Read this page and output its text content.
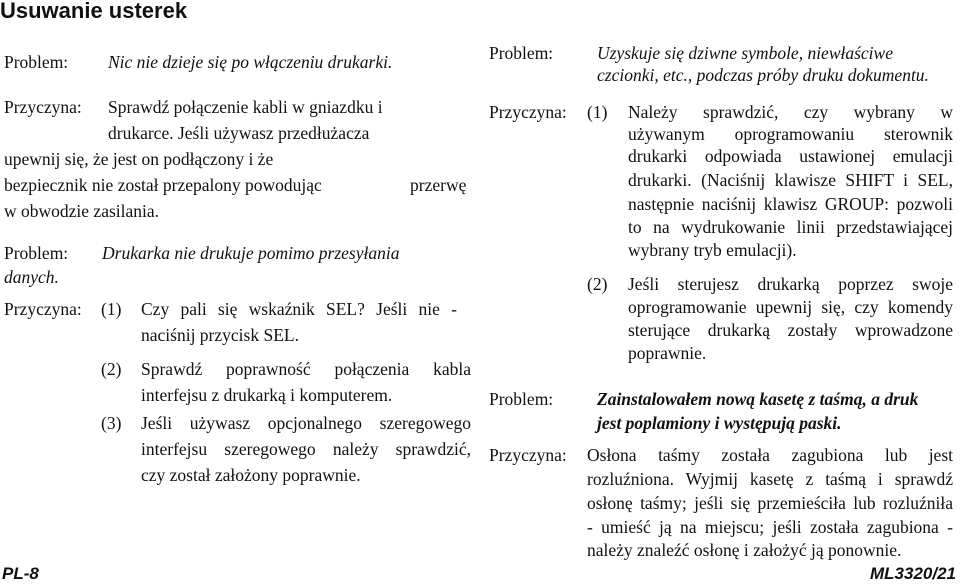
Usuwanie usterek
Problem: Nic nie dzieje się po włączeniu drukarki.
Przyczyna: Sprawdź połączenie kabli w gniazdku i
drukarce. Jeśli używasz przedłużacza
upewnij się, że jest on podłączony i że
bezpiecznik nie został przepalony powodując	przerwę
w obwodzie zasilania.
Problem: Drukarka nie drukuje pomimo przesyłania
danych.
Przyczyna: (1) Czy pali się wskaźnik SEL? Jeśli nie -
naciśnij przycisk SEL.
(2) Sprawdź poprawność połączenia kabla
interfejsu z drukarką i komputerem.
(3) Jeśli używasz opcjonalnego szeregowego
interfejsu szeregowego należy sprawdzić,
czy został założony poprawnie.
Problem:	Uzyskuje się dziwne symbole, niewłaściwe
czcionki, etc., podczas próby druku dokumentu.
Przyczyna: (1) Należy sprawdzić, czy wybrany w
używanym oprogramowaniu sterownik
drukarki odpowiada ustawionej emulacji
drukarki. (Naciśnij klawisze SHIFT i SEL,
następnie naciśnij klawisz GROUP: pozwoli
to na wydrukowanie linii przedstawiającej
wybrany tryb emulacji).
(2) Jeśli sterujesz drukarką poprzez swoje
oprogramowanie upewnij się, czy komendy
sterujące drukarką zostały wprowadzone
poprawnie.
Problem:	Zainstalowałem nową kasetę z taśmą, a druk
jest poplamiony i występują paski.
Przyczyna: Osłona taśmy została zagubiona lub jest
rozluźniona. Wyjmij kasetę z taśmą i sprawdź
osłonę taśmy; jeśli się przemieściła lub rozluźniła
- umieść ją na miejscu; jeśli została zagubiona -
należy znaleźć osłonę i założyć ją ponownie.
PL-8	ML3320/21
